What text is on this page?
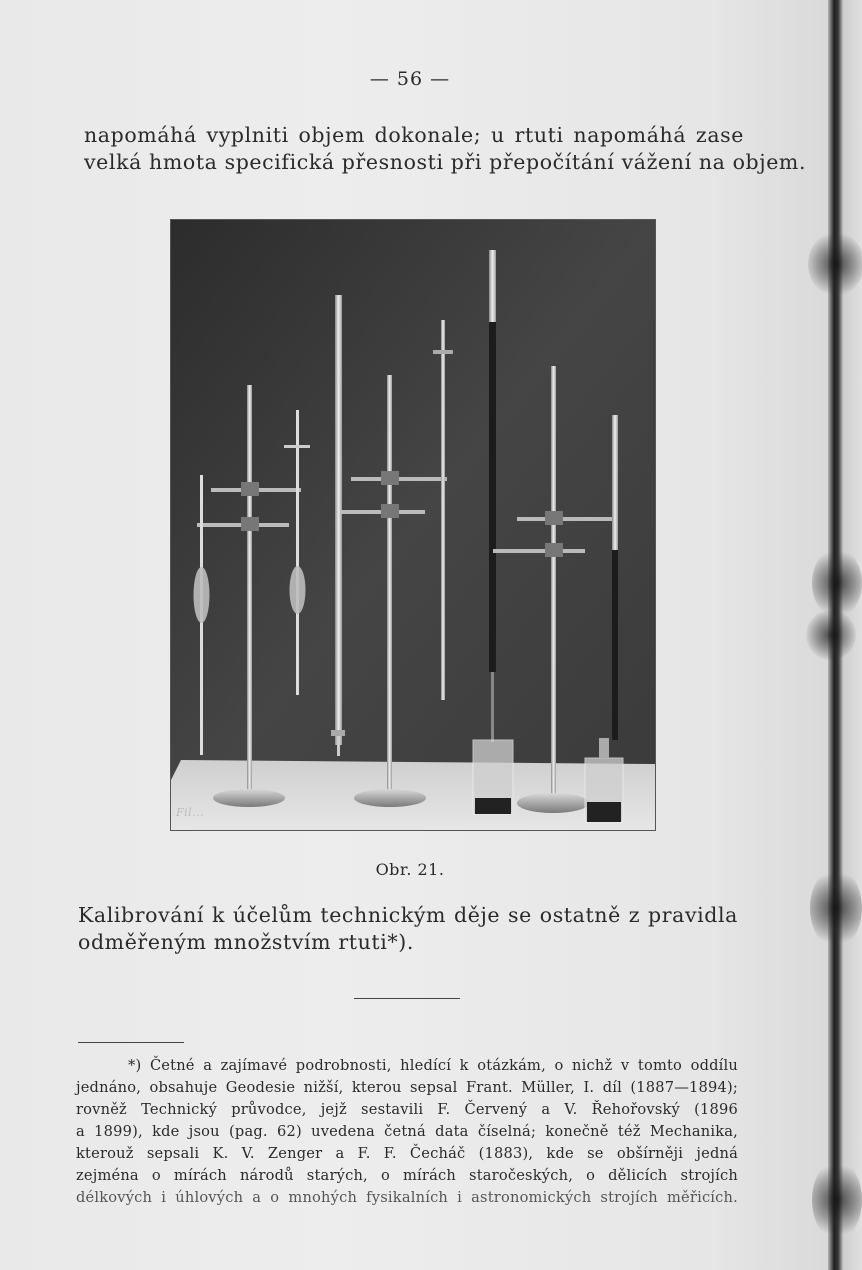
— 56 —
napomáhá vyplniti objem dokonale; u rtuti napomáhá zase
velká hmota specifická přesnosti při přepočítání vážení na objem.
Fil...
Obr. 21.
Kalibrování k účelům technickým děje se ostatně z pravidla
odměřeným množstvím rtuti*).
*) Četné a zajímavé podrobnosti, hledící k otázkám, o nichž v tomto oddílu
jednáno, obsahuje Geodesie nižší, kterou sepsal Frant. Müller, I. díl (1887—1894);
rovněž Technický průvodce, jejž sestavili F. Červený a V. Řehořovský (1896
a 1899), kde jsou (pag. 62) uvedena četná data číselná; konečně též Mechanika,
kterouž sepsali K. V. Zenger a F. F. Čecháč (1883), kde se obšírněji jedná
zejména o mírách národů starých, o mírách staročeských, o dělicích strojích
délkových i úhlových a o mnohých fysikalních i astronomických strojích měřicích.
